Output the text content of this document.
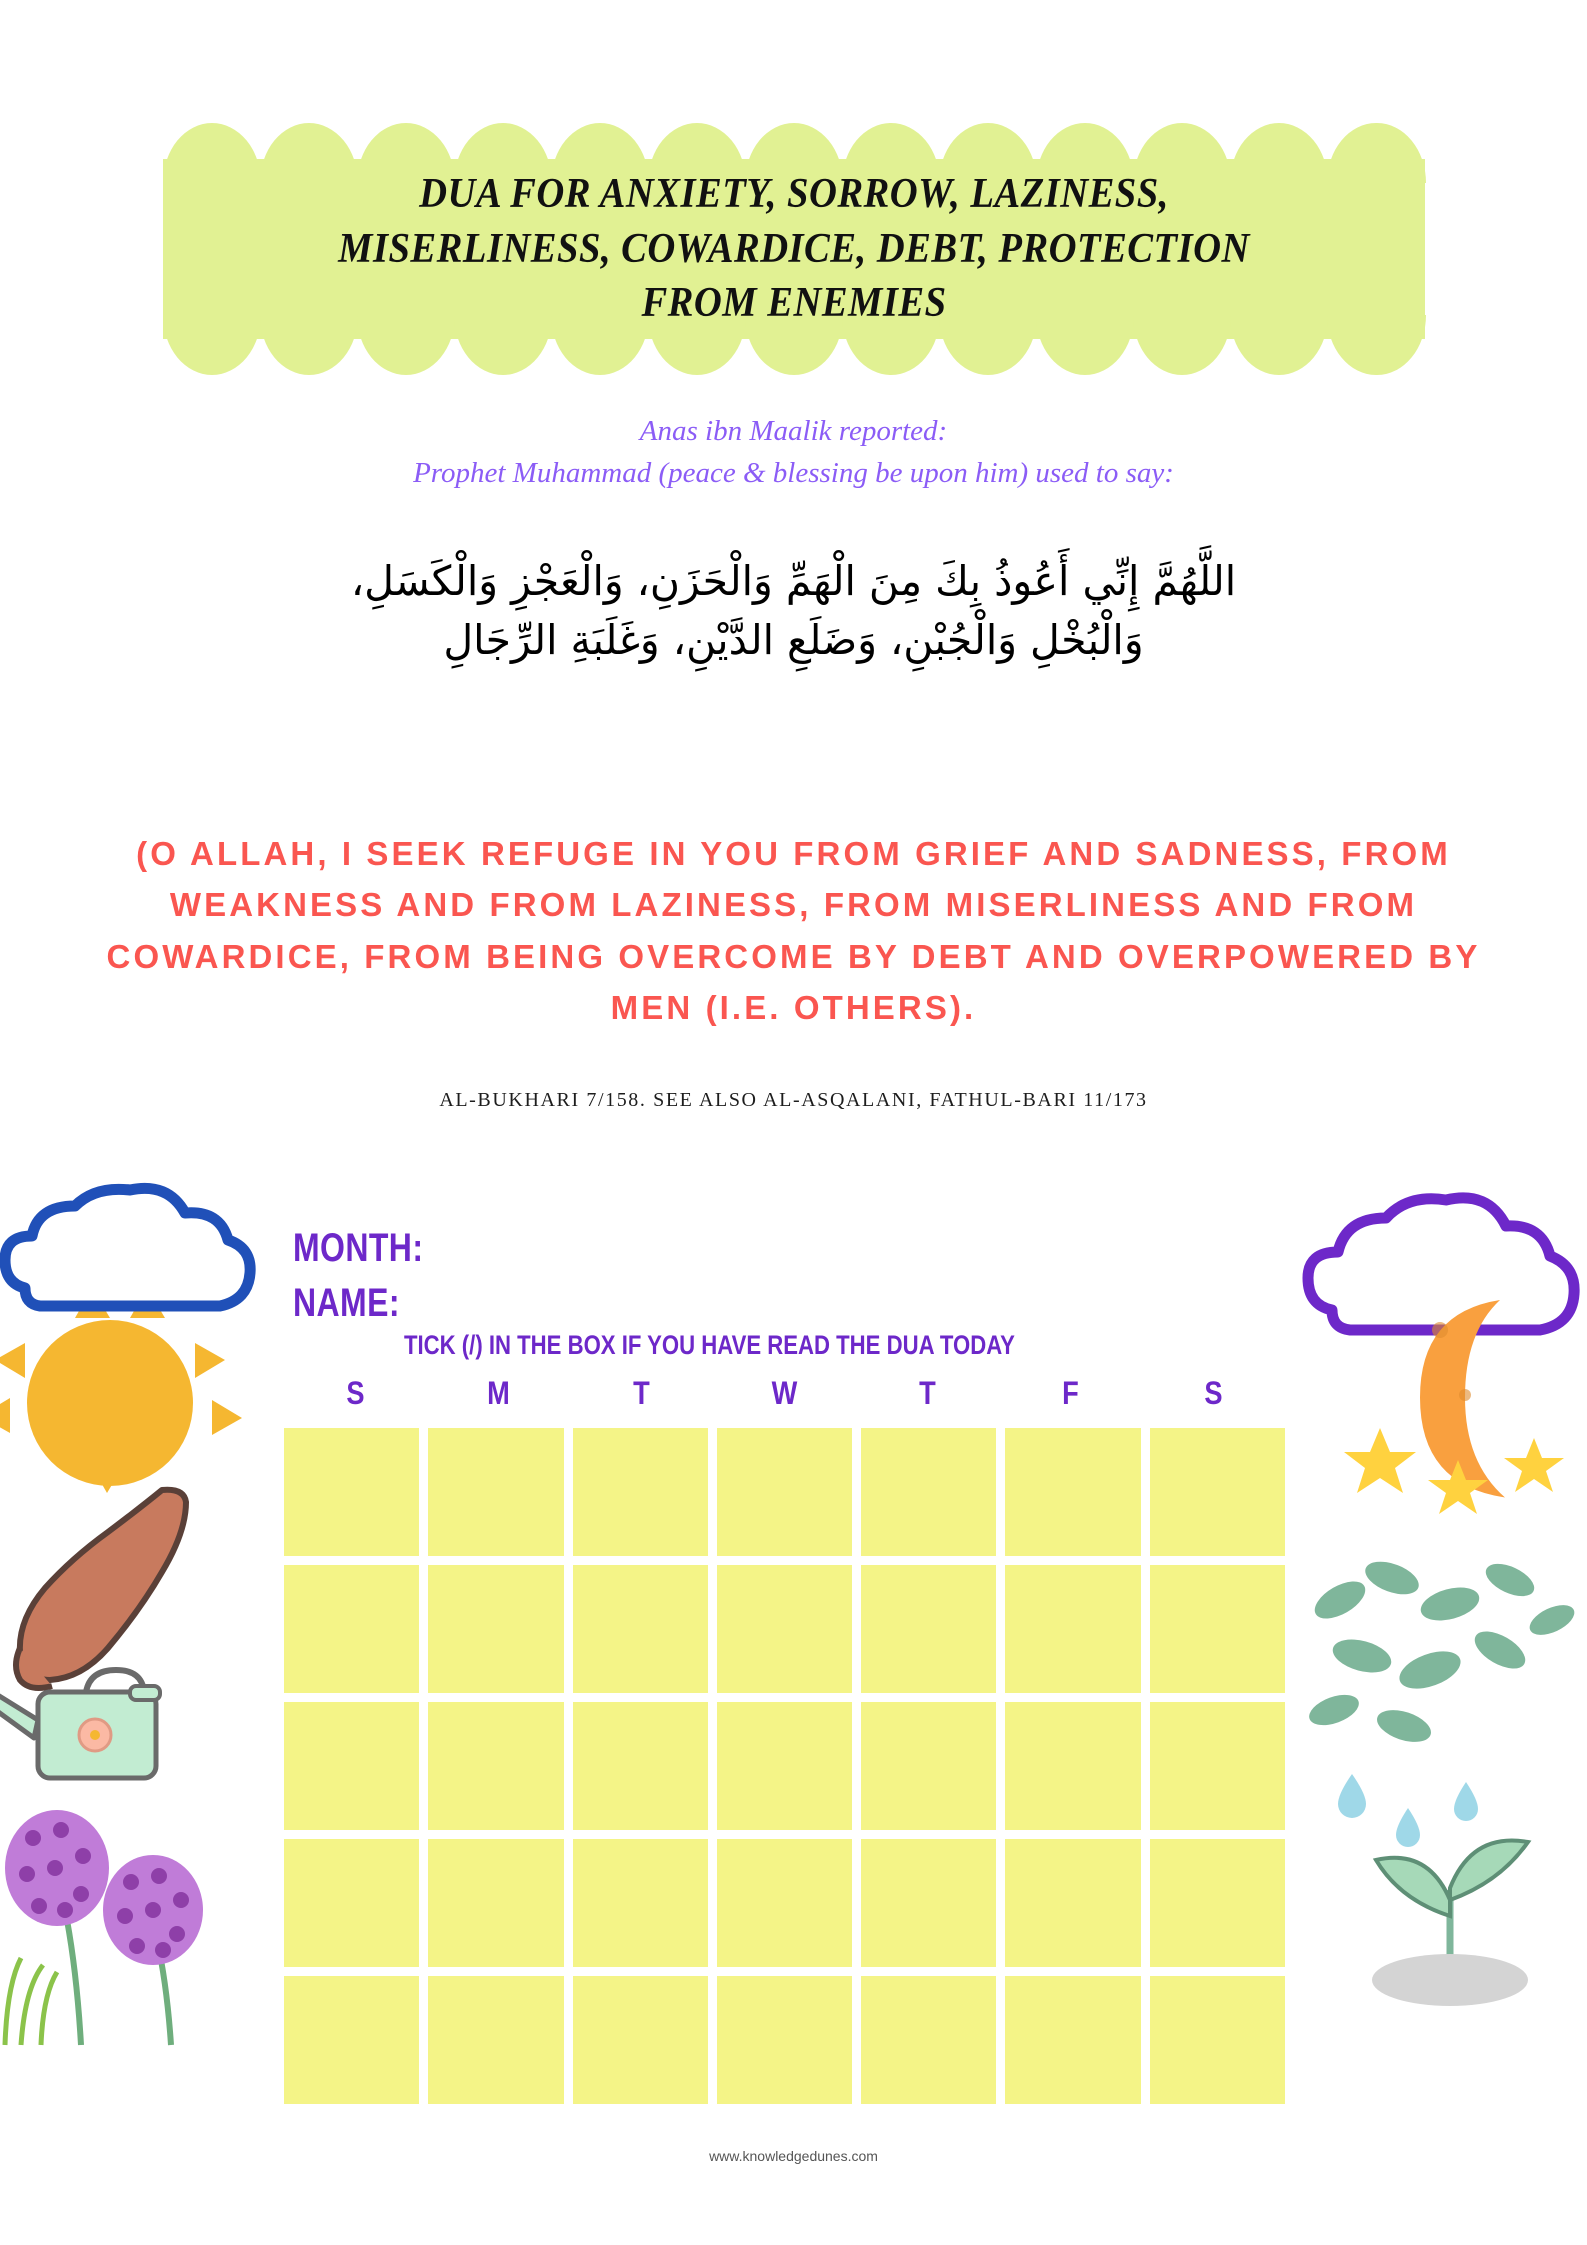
DUA FOR ANXIETY, SORROW, LAZINESS,
MISERLINESS, COWARDICE, DEBT, PROTECTION
FROM ENEMIES
Anas ibn Maalik reported:
Prophet Muhammad (peace & blessing be upon him) used to say:
اللَّهُمَّ إِنِّي أَعُوذُ بِكَ مِنَ الْهَمِّ وَالْحَزَنِ، وَالْعَجْزِ وَالْكَسَلِ،
وَالْبُخْلِ وَالْجُبْنِ، وَضَلَعِ الدَّيْنِ، وَغَلَبَةِ الرِّجَالِ
(O ALLAH, I SEEK REFUGE IN YOU FROM GRIEF AND SADNESS, FROM WEAKNESS AND FROM LAZINESS, FROM MISERLINESS AND FROM COWARDICE, FROM BEING OVERCOME BY DEBT AND OVERPOWERED BY MEN (I.E. OTHERS).
AL-BUKHARI 7/158. SEE ALSO AL-ASQALANI, FATHUL-BARI 11/173
MONTH:
NAME:
TICK (/) IN THE BOX IF YOU HAVE READ THE DUA TODAY
S	M	T	W	T	F	S
www.knowledgedunes.com
